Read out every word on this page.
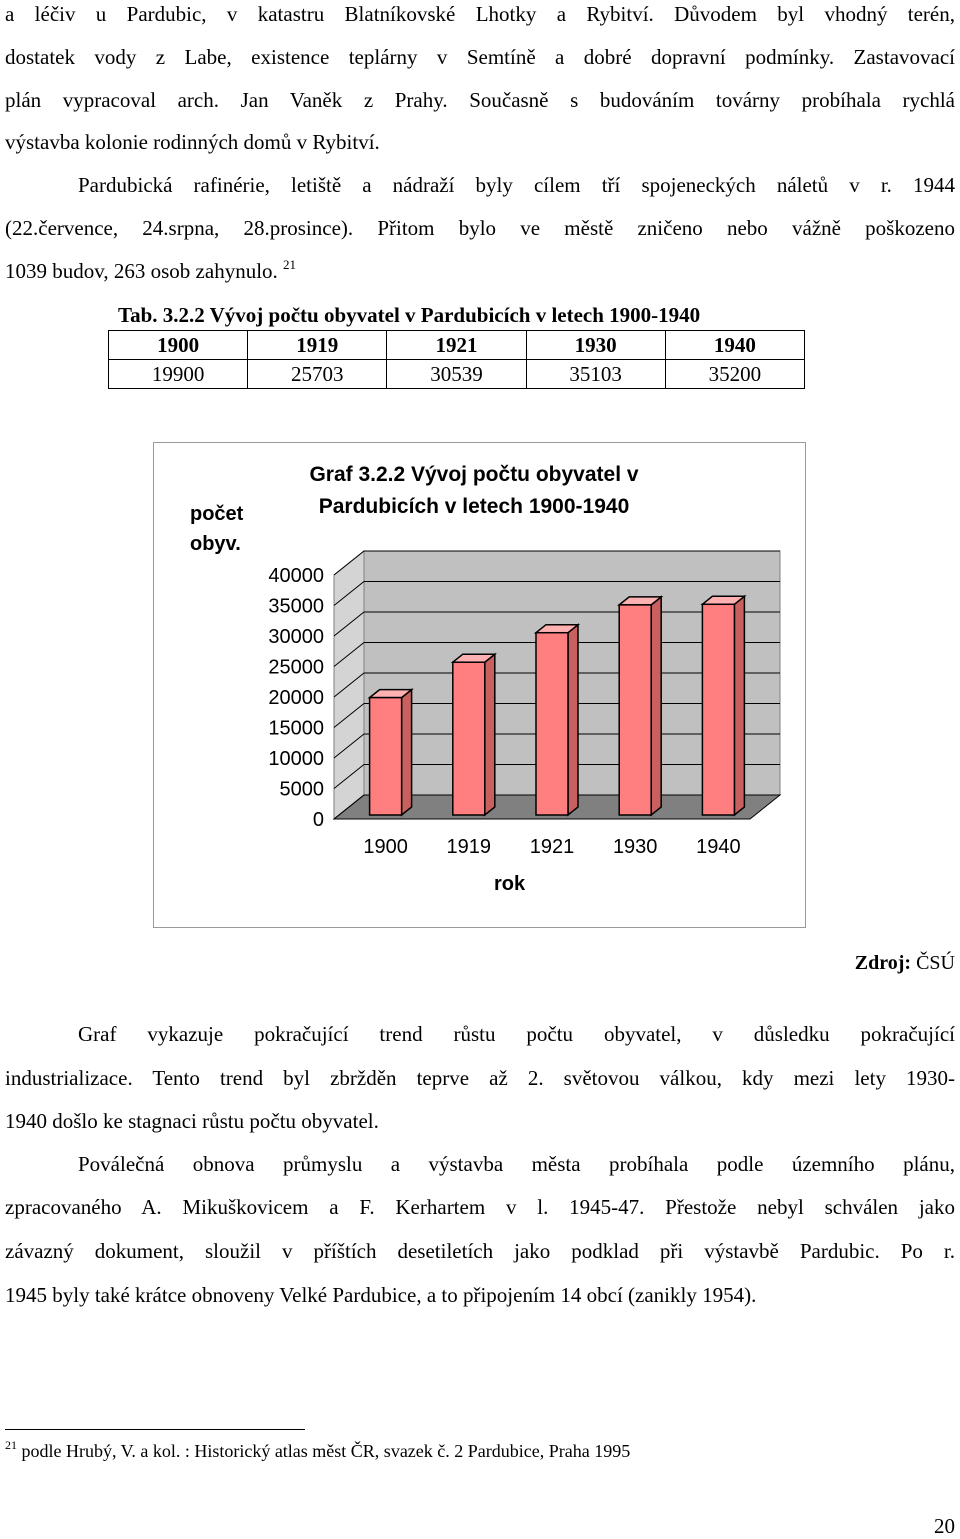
a léčiv u Pardubic, v katastru Blatníkovské Lhotky a Rybitví. Důvodem byl vhodný terén,

dostatek vody z Labe, existence teplárny v Semtíně a dobré dopravní podmínky. Zastavovací

plán vypracoval arch. Jan Vaněk z Prahy. Současně s budováním továrny probíhala rychlá

výstavba kolonie rodinných domů v Rybitví.

Pardubická rafinérie, letiště a nádraží byly cílem tří spojeneckých náletů v r. 1944

(22.července, 24.srpna, 28.prosince). Přitom bylo ve městě zničeno nebo vážně poškozeno

1039 budov, 263 osob zahynulo. $^{21}$

Tab. 3.2.2 Vývoj počtu obyvatel v Pardubicích v letech 1900-1940
1900	1919	1921	1930	1940
19900	25703	30539	35103	35200
0
5000
10000
15000
20000
25000
30000
35000
40000
1900 1919 1921 1930 1940
Graf 3.2.2 Vývoj počtu obyvatel v
Pardubicích v letech 1900-1940
počet
obyv.
rok
Zdroj: ČSÚ

Graf vykazuje pokračující trend růstu počtu obyvatel, v důsledku pokračující

industrializace. Tento trend byl zbržděn teprve až 2. světovou válkou, kdy mezi lety 1930-

1940 došlo ke stagnaci růstu počtu obyvatel.

Poválečná obnova průmyslu a výstavba města probíhala podle územního plánu,

zpracovaného A. Mikuškovicem a F. Kerhartem v l. 1945-47. Přestože nebyl schválen jako

závazný dokument, sloužil v příštích desetiletích jako podklad při výstavbě Pardubic. Po r.

1945 byly také krátce obnoveny Velké Pardubice, a to připojením 14 obcí (zanikly 1954).

$^{21}$ podle Hrubý, V. a kol. : Historický atlas měst ČR, svazek č. 2 Pardubice, Praha 1995
20
